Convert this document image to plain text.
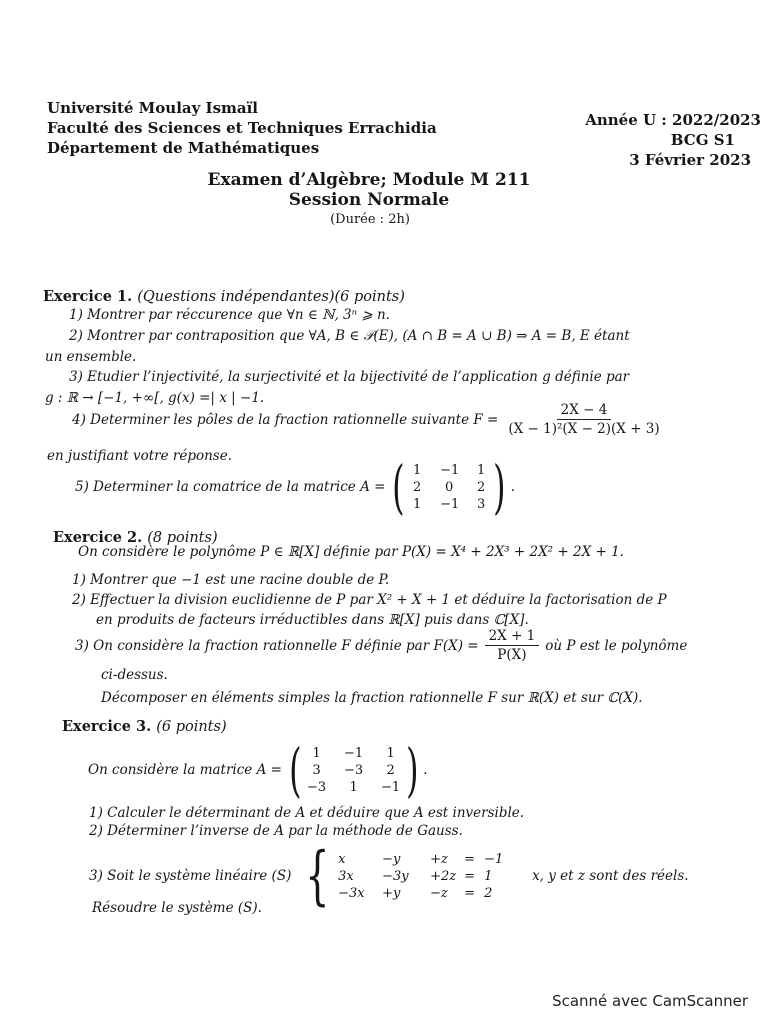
Université Moulay Ismaïl
Faculté des Sciences et Techniques Errachidia
Département de Mathématiques
Année U : 2022/2023
BCG S1
3 Février 2023
Examen d’Algèbre; Module M 211
Session Normale
(Durée : 2h)
Exercice 1. (Questions indépendantes)(6 points)
1) Montrer par réccurence que ∀n ∈ ℕ, 3ⁿ ⩾ n.
2) Montrer par contraposition que ∀A, B ∈ 𝒫(E), (A ∩ B = A ∪ B) ⇒ A = B, E étant
un ensemble.
3) Etudier l’injectivité, la surjectivité et la bijectivité de l’application g définie par
g : ℝ → [−1, +∞[, g(x) =| x | −1.
4) Determiner les pôles de la fraction rationnelle suivante $F = \frac{2X - 4}{\text{(X − 1)²(X − 2)(X + 3)}}$
en justifiant votre réponse.
5) Determiner la comatrice de la matrice A = ( 1 −1 1
2	0	2
1 −1 3 ) .
Exercice 2. (8 points)
On considère le polynôme P ∈ ℝ[X] définie par P(X) = X⁴ + 2X³ + 2X² + 2X + 1.
1) Montrer que −1 est une racine double de P.
2) Effectuer la division euclidienne de P par X² + X + 1 et déduire la factorisation de P
en produits de facteurs irréductibles dans ℝ[X] puis dans ℂ[X].
3) On considère la fraction rationnelle F définie par $F(X) = \frac{2X + 1}{P(X)}$ où P est le polynôme
ci-dessus.
Décomposer en éléments simples la fraction rationnelle F sur ℝ(X) et sur ℂ(X).
Exercice 3. (6 points)
On considère la matrice A = ( 1	−1	1
3	−3	2
−3	1	−1 ) .
1) Calculer le déterminant de A et déduire que A est inversible.
2) Déterminer l’inverse de A par la méthode de Gauss.
3) Soit le système linéaire (S) { x	−y	+z	= −1
3x	−3y	+2z = 1
−3x	+y	−z	= 2
x, y et z sont des réels.
Résoudre le système (S).
Scanné avec CamScanner
